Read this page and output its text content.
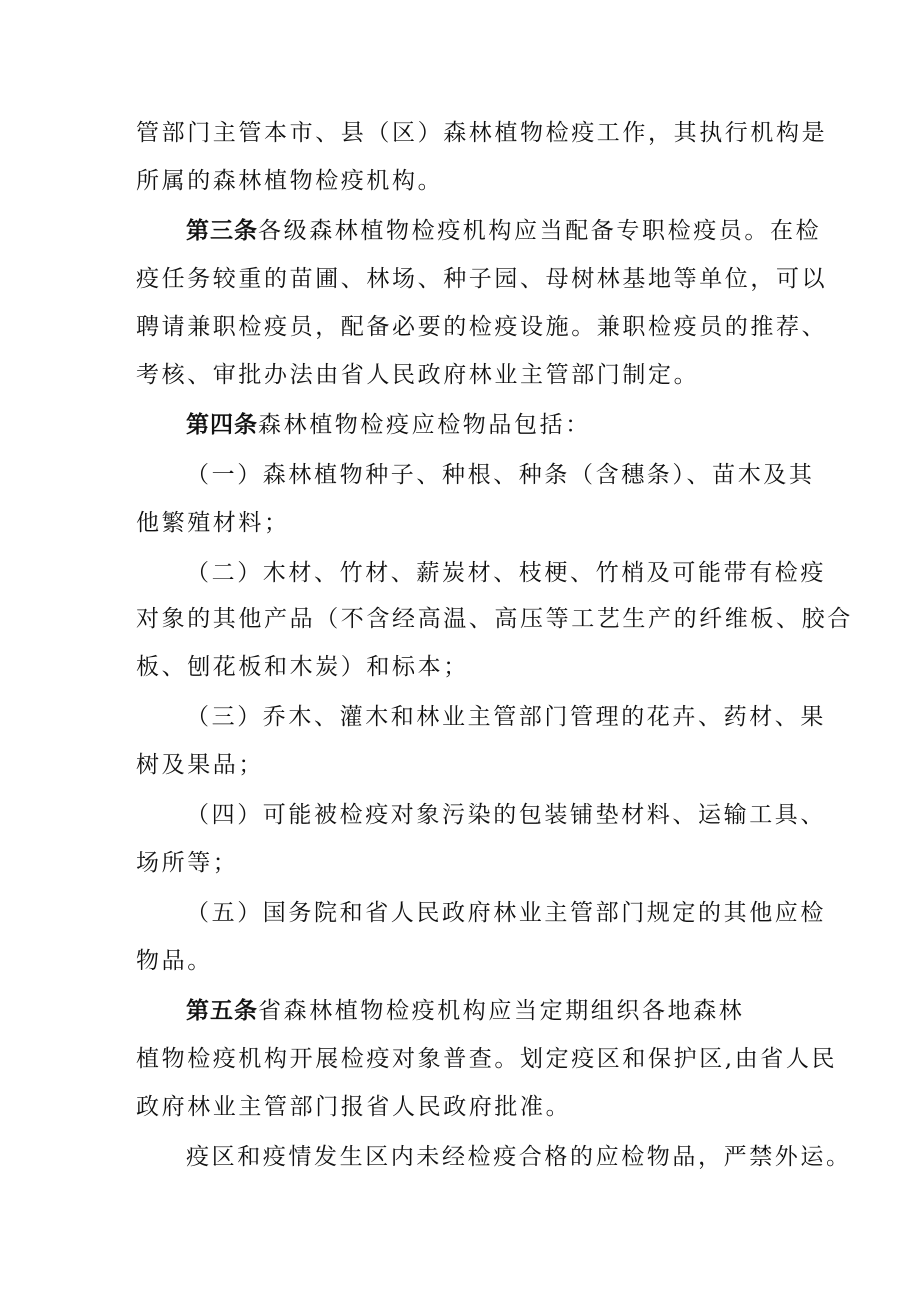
管部门主管本市、县（区）森林植物检疫工作，其执行机构是

所属的森林植物检疫机构。

第三条各级森林植物检疫机构应当配备专职检疫员。在检

疫任务较重的苗圃、林场、种子园、母树林基地等单位，可以

聘请兼职检疫员，配备必要的检疫设施。兼职检疫员的推荐、

考核、审批办法由省人民政府林业主管部门制定。

第四条森林植物检疫应检物品包括：

（一）森林植物种子、种根、种条（含穗条）、苗木及其

他繁殖材料；

（二）木材、竹材、薪炭材、枝梗、竹梢及可能带有检疫

对象的其他产品（不含经高温、高压等工艺生产的纤维板、胶合

板、刨花板和木炭）和标本；

（三）乔木、灌木和林业主管部门管理的花卉、药材、果

树及果品；

（四）可能被检疫对象污染的包装铺垫材料、运输工具、

场所等；

（五）国务院和省人民政府林业主管部门规定的其他应检

物品。

第五条省森林植物检疫机构应当定期组织各地森林

植物检疫机构开展检疫对象普查。划定疫区和保护区,由省人民

政府林业主管部门报省人民政府批准。

疫区和疫情发生区内未经检疫合格的应检物品，严禁外运。
